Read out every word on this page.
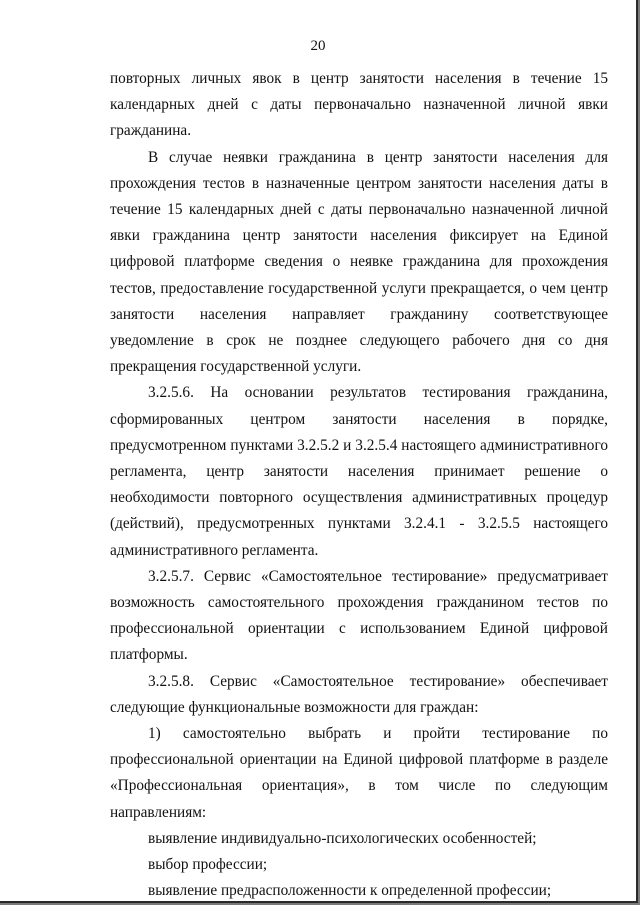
20

повторных личных явок в центр занятости населения в течение 15 календарных дней с даты первоначально назначенной личной явки гражданина.

В случае неявки гражданина в центр занятости населения для прохождения тестов в назначенные центром занятости населения даты в течение 15 календарных дней с даты первоначально назначенной личной явки гражданина центр занятости населения фиксирует на Единой цифровой платформе сведения о неявке гражданина для прохождения тестов, предоставление государственной услуги прекращается, о чем центр занятости населения направляет гражданину соответствующее уведомление в срок не позднее следующего рабочего дня со дня прекращения государственной услуги.

3.2.5.6. На основании результатов тестирования гражданина, сформированных центром занятости населения в порядке, предусмотренном пунктами 3.2.5.2 и 3.2.5.4 настоящего административного регламента, центр занятости населения принимает решение о необходимости повторного осуществления административных процедур (действий), предусмотренных пунктами 3.2.4.1 - 3.2.5.5 настоящего административного регламента.

3.2.5.7. Сервис «Самостоятельное тестирование» предусматривает возможность самостоятельного прохождения гражданином тестов по профессиональной ориентации с использованием Единой цифровой платформы.

3.2.5.8. Сервис «Самостоятельное тестирование» обеспечивает следующие функциональные возможности для граждан:

1) самостоятельно выбрать и пройти тестирование по профессиональной ориентации на Единой цифровой платформе в разделе «Профессиональная ориентация», в том числе по следующим направлениям:

выявление индивидуально-психологических особенностей;

выбор профессии;

выявление предрасположенности к определенной профессии;
